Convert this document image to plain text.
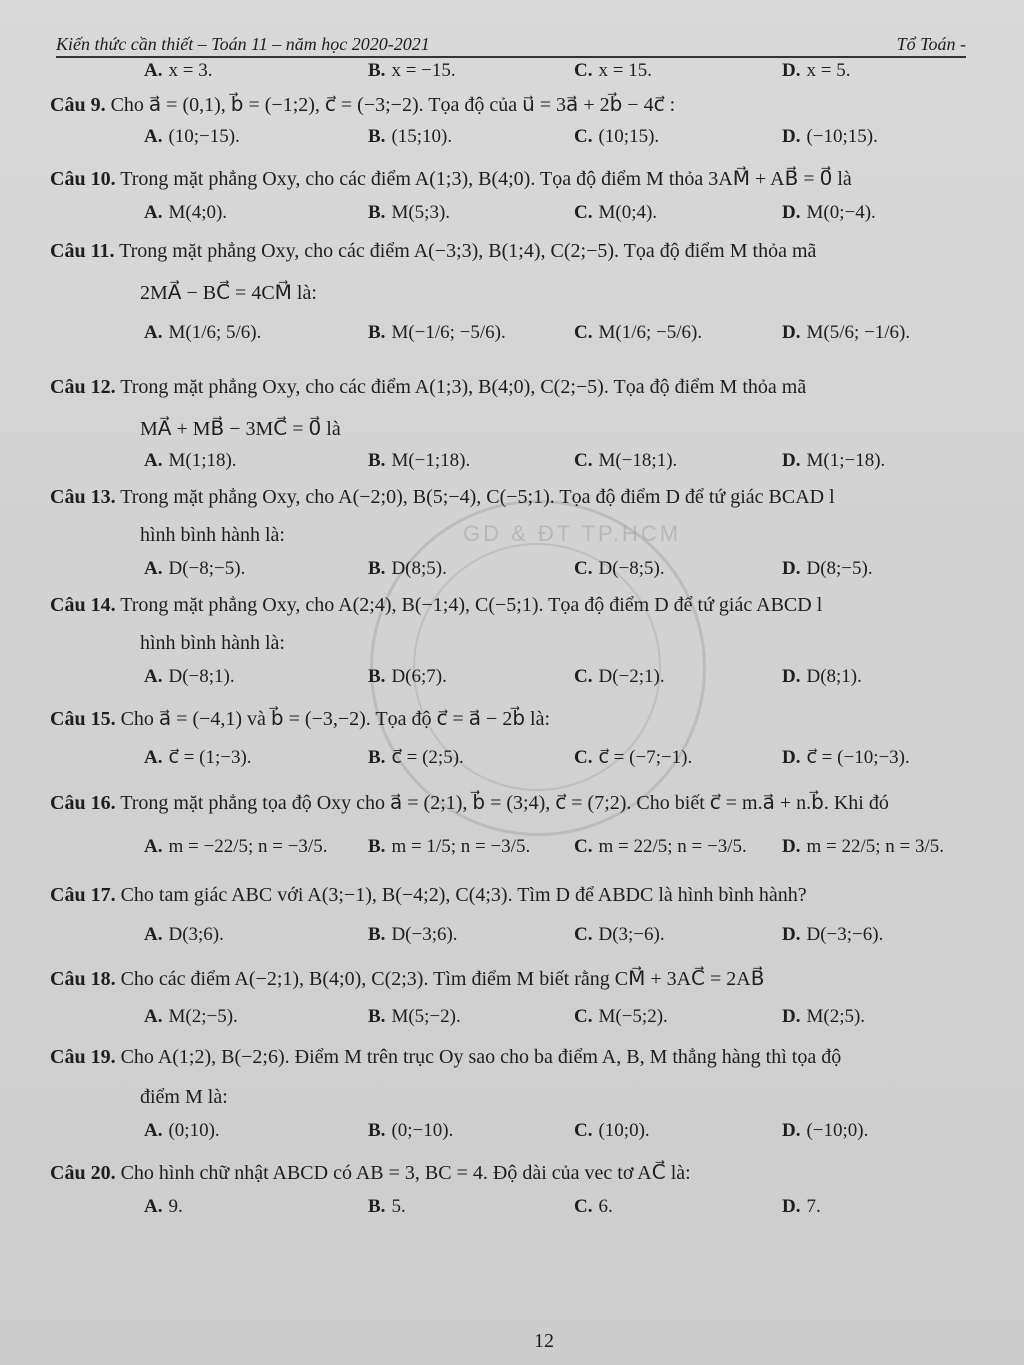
Kiến thức cần thiết – Toán 11 – năm học 2020-2021	Tổ Toán -
GD & ĐT TP.HCM
A. x = 3.	B. x = −15.	C. x = 15.	D. x = 5.
Câu 9. Cho a⃗ = (0,1), b⃗ = (−1;2), c⃗ = (−3;−2). Tọa độ của u⃗ = 3a⃗ + 2b⃗ − 4c⃗ :
A. (10;−15).	B. (15;10).	C. (10;15).	D. (−10;15).
Câu 10. Trong mặt phẳng Oxy, cho các điểm A(1;3), B(4;0). Tọa độ điểm M thỏa 3AM⃗ + AB⃗ = 0⃗ là
A. M(4;0).	B. M(5;3).	C. M(0;4).	D. M(0;−4).
Câu 11. Trong mặt phẳng Oxy, cho các điểm A(−3;3), B(1;4), C(2;−5). Tọa độ điểm M thỏa mã
2MA⃗ − BC⃗ = 4CM⃗ là:
A. M(1/6; 5/6).	B. M(−1/6; −5/6).	C. M(1/6; −5/6).	D. M(5/6; −1/6).
Câu 12. Trong mặt phẳng Oxy, cho các điểm A(1;3), B(4;0), C(2;−5). Tọa độ điểm M thỏa mã
MA⃗ + MB⃗ − 3MC⃗ = 0⃗ là
A. M(1;18).	B. M(−1;18).	C. M(−18;1).	D. M(1;−18).
Câu 13. Trong mặt phẳng Oxy, cho A(−2;0), B(5;−4), C(−5;1). Tọa độ điểm D để tứ giác BCAD l
hình bình hành là:
A. D(−8;−5).	B. D(8;5).	C. D(−8;5).	D. D(8;−5).
Câu 14. Trong mặt phẳng Oxy, cho A(2;4), B(−1;4), C(−5;1). Tọa độ điểm D để tứ giác ABCD l
hình bình hành là:
A. D(−8;1).	B. D(6;7).	C. D(−2;1).	D. D(8;1).
Câu 15. Cho a⃗ = (−4,1) và b⃗ = (−3,−2). Tọa độ c⃗ = a⃗ − 2b⃗ là:
A. c⃗ = (1;−3).	B. c⃗ = (2;5).	C. c⃗ = (−7;−1).	D. c⃗ = (−10;−3).
Câu 16. Trong mặt phẳng tọa độ Oxy cho a⃗ = (2;1), b⃗ = (3;4), c⃗ = (7;2). Cho biết c⃗ = m.a⃗ + n.b⃗. Khi đó
A. m = −22/5; n = −3/5. B. m = 1/5; n = −3/5. C. m = 22/5; n = −3/5. D. m = 22/5; n = 3/5.
Câu 17. Cho tam giác ABC với A(3;−1), B(−4;2), C(4;3). Tìm D để ABDC là hình bình hành?
A. D(3;6).	B. D(−3;6).	C. D(3;−6).	D. D(−3;−6).
Câu 18. Cho các điểm A(−2;1), B(4;0), C(2;3). Tìm điểm M biết rằng CM⃗ + 3AC⃗ = 2AB⃗
A. M(2;−5).	B. M(5;−2).	C. M(−5;2).	D. M(2;5).
Câu 19. Cho A(1;2), B(−2;6). Điểm M trên trục Oy sao cho ba điểm A, B, M thẳng hàng thì tọa độ
điểm M là:
A. (0;10).	B. (0;−10).	C. (10;0).	D. (−10;0).
Câu 20. Cho hình chữ nhật ABCD có AB = 3, BC = 4. Độ dài của vec tơ AC⃗ là:
A. 9.	B. 5.	C. 6.	D. 7.
12
